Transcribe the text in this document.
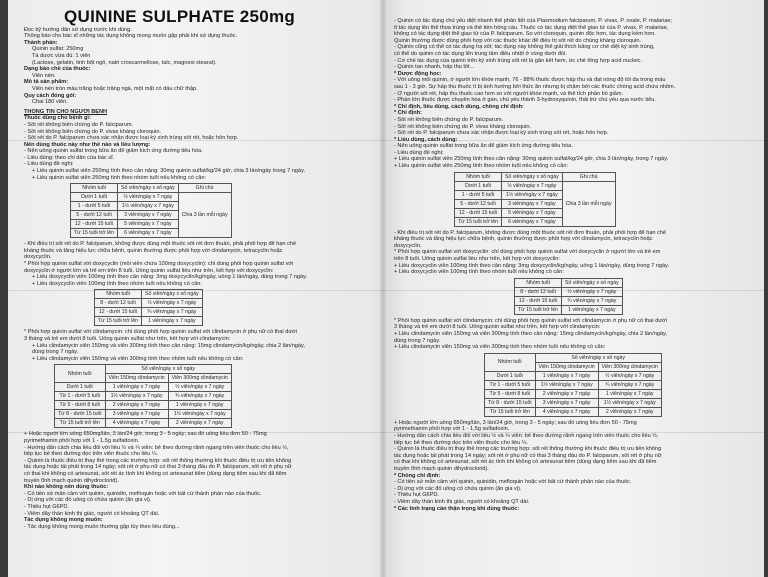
QUININE SULPHATE 250mg
Đọc kỹ hướng dẫn sử dụng trước khi dùng.
Thông báo cho bác sĩ những tác dụng không mong muốn gặp phải khi sử dụng thuốc.
Thành phần:
Quinin sulfat: 250mg
Tá dược vừa đủ: 1 viên
(Lactose, gelatin, tinh bột ngô, natri croscarmellose, talc, magnesi stearat).
Dạng bào chế của thuốc:
Viên nén.
Mô tả sản phẩm:
Viên nén tròn màu trắng hoặc trắng ngà, một mặt có dấu chữ thập.
Quy cách đóng gói:
Chai 180 viên.
THÔNG TIN CHO NGƯỜI BỆNH
Thuốc dùng cho bệnh gì:
- Sốt rét không biến chứng do P. falciparum.
- Sốt rét không biến chứng do P. vivax kháng cloroquin.
- Sốt rét do P. falciparum chưa xác nhận được loại ký sinh trùng sốt rét, hoặc hỗn hợp.
Nên dùng thuốc này như thế nào và liều lượng:
- Nên uống quinin sulfat trong bữa ăn để giảm kích ứng đường tiêu hóa.
- Liều dùng: theo chỉ dẫn của bác sĩ.
- Liều dùng đề nghị:
+ Liều quinin sulfat viên 250mg tính theo cân nặng: 30mg quinin sulfat/kg/24 giờ, chia 3 lần/ngày trong 7 ngày.
+ Liều quinin sulfat viên 250mg tính theo nhóm tuổi nếu không có cân:
Nhóm tuổi	Số viên/ngày x số ngày	Ghi chú
Dưới 1 tuổi	½ viên/ngày x 7 ngày	Chia 3 lần mỗi ngày
1 - dưới 5 tuổi	1½ viên/ngày x 7 ngày	
5 - dưới 12 tuổi	3 viên/ngày x 7 ngày	
12 - dưới 15 tuổi	5 viên/ngày x 7 ngày	
Từ 15 tuổi trở lên	6 viên/ngày x 7 ngày	
- Khi điều trị sốt rét do P. falciparum, không được dùng một thuốc sốt rét đơn thuần, phải phối hợp để hạn chế
kháng thuốc và tăng hiệu lực chữa bệnh, quinin thường được phối hợp với clindamycin, tetracyclin hoặc
doxycyclin.
* Phối hợp quinin sulfat với doxycyclin (mỗi viên chứa 100mg doxycyclin): chỉ dùng phối hợp quinin sulfat với
doxycyclin ở người lớn và trẻ em trên 8 tuổi. Uống quinin sulfat liều như trên, kết hợp với doxycyclin:
+ Liều doxycyclin viên 100mg tính theo cân nặng: 3mg doxycyclin/kg/ngày, uống 1 lần/ngày, dùng trong 7 ngày.
+ Liều doxycyclin viên 100mg tính theo nhóm tuổi nếu không có cân:
Nhóm tuổi	Số viên/ngày x số ngày
8 - dưới 12 tuổi	½ viên/ngày x 7 ngày
12 - dưới 15 tuổi	¾ viên/ngày x 7 ngày
Từ 15 tuổi trở lên	1 viên/ngày x 7 ngày
* Phối hợp quinin sulfat với clindamycin: chỉ dùng phối hợp quinin sulfat với clindamycin ở phụ nữ có thai dưới
3 tháng và trẻ em dưới 8 tuổi. Uống quinin sulfat như trên, kết hợp với clindamycin:
+ Liều clindamycin viên 150mg và viên 300mg tính theo cân nặng: 15mg clindamycin/kg/ngày, chia 2 lần/ngày,
dùng trong 7 ngày.
+ Liều clindamycin viên 150mg và viên 300mg tính theo nhóm tuổi nếu không có cân:
Nhóm tuổi	Số viên/ngày x số ngày	
	Viên 150mg clindamycin	Viên 300mg clindamycin
Dưới 1 tuổi	1 viên/ngày x 7 ngày	½ viên/ngày x 7 ngày
Từ 1 - dưới 5 tuổi	1½ viên/ngày x 7 ngày	¾ viên/ngày x 7 ngày
Từ 5 - dưới 8 tuổi	2 viên/ngày x 7 ngày	1 viên/ngày x 7 ngày
Từ 8 - dưới 15 tuổi	3 viên/ngày x 7 ngày	1½ viên/ngày x 7 ngày
Từ 15 tuổi trở lên	4 viên/ngày x 7 ngày	2 viên/ngày x 7 ngày
+ Hoặc người lớn uống 650mg/lần, 3 lần/24 giờ, trong 3 - 5 ngày; sau đó uống liều đơn 50 - 75mg
pyrimethamin phối hợp với 1 - 1,5g sulfadoxin.
- Hướng dẫn cách chia liều đối với liều ½ và ¼ viên: bẻ theo đường rãnh ngang trên viên thuốc cho liều ½,
tiếp tục bẻ theo đường dọc trên viên thuốc cho liều ¼.
- Quinin là thuốc điều trị thay thế trong các trường hợp: sốt rét thông thường khi thuốc điều trị ưu tiên không
tác dụng hoặc tái phát trong 14 ngày; sốt rét ở phụ nữ có thai 3 tháng đầu do P. falciparum, sốt rét ở phụ nữ
có thai khi không có artesunat, sốt rét ác tính khi không có artesunat tiêm (dùng dạng tiêm sau khi đã tiêm
truyền tĩnh mạch quinin dihydroclorid).
Khi nào không nên dùng thuốc:
- Có tiền sử mẫn cảm với quinin, quinidin, mefloquin hoặc với bất cứ thành phần nào của thuốc.
- Dị ứng với các đồ uống có chứa quinin (ăn gia vị).
- Thiếu hụt G6PD.
- Viêm dây thần kinh thị giác, người có khoảng QT dài.
Tác dụng không mong muốn:
- Tác dụng không mong muốn thường gặp tùy theo liều dùng...
- Quinin có tác dụng chủ yếu diệt nhanh thể phân liệt của Plasmodium falciparum, P. vivax, P. ovale, P. malariae;
ít tác dụng lên thể thoa trùng và thể tiền hồng cầu. Thuốc có tác dụng diệt thể giao tử của P. vivax, P. malariae,
không có tác dụng diệt thể giao tử của P. falciparum. So với cloroquin, quinin độc hơn, tác dụng kém hơn.
Quinin thường được dùng phối hợp với các thuốc khác để điều trị sốt rét do chủng kháng cloroquin.
- Quinin cũng có thể có tác dụng hạ sốt; tác dụng này không thể giải thích bằng cơ chế diệt ký sinh trùng,
có thể do quinin có tác dụng lên trung tâm điều nhiệt ở vùng dưới đồi.
- Cơ chế tác dụng của quinin trên ký sinh trùng sốt rét là gắn kết hem, ức chế tổng hợp acid nucleic.
- Quinin tan nhanh, hấp thu tốt...
* Dược động học:
- Với uống mỗi quinin, ở người lớn khỏe mạnh, 76 - 88% thuốc được hấp thu và đạt nồng độ tối đa trong máu
sau 1 - 3 giờ. Sự hấp thu thuốc ít bị ảnh hưởng bởi thức ăn nhưng bị chậm bởi các thuốc chống acid chứa nhôm.
- Ở người sốt rét, hấp thu thuốc cao hơn so với người khỏe mạnh, và thể tích phân bố giảm.
- Phần lớn thuốc được chuyển hóa ở gan, chủ yếu thành 3-hydroxyquinin, thải trừ chủ yếu qua nước tiểu.
* Chỉ định, liều dùng, cách dùng, chống chỉ định:
* Chỉ định:
- Sốt rét không biến chứng do P. falciparum.
- Sốt rét không biến chứng do P. vivax kháng cloroquin.
- Sốt rét do P. falciparum chưa xác nhận được loại ký sinh trùng sốt rét, hoặc hỗn hợp.
* Liều dùng, cách dùng:
- Nên uống quinin sulfat trong bữa ăn để giảm kích ứng đường tiêu hóa.
- Liều dùng đề nghị:
+ Liều quinin sulfat viên 250mg tính theo cân nặng: 30mg quinin sulfat/kg/24 giờ, chia 3 lần/ngày, trong 7 ngày.
+ Liều quinin sulfat viên 250mg tính theo nhóm tuổi nếu không có cân:
Nhóm tuổi	Số viên/ngày x số ngày	Ghi chú
Dưới 1 tuổi	½ viên/ngày x 7 ngày	Chia 3 lần mỗi ngày
1 - dưới 5 tuổi	1½ viên/ngày x 7 ngày	
5 - dưới 12 tuổi	3 viên/ngày x 7 ngày	
12 - dưới 15 tuổi	5 viên/ngày x 7 ngày	
Từ 15 tuổi trở lên	6 viên/ngày x 7 ngày	
- Khi điều trị sốt rét do P. falciparum, không được dùng một thuốc sốt rét đơn thuần, phải phối hợp để hạn chế
kháng thuốc và tăng hiệu lực chữa bệnh, quinin thường được phối hợp với clindamycin, tetracyclin hoặc
doxycyclin.
* Phối hợp quinin sulfat với doxycyclin: chỉ dùng phối hợp quinin sulfat với doxycyclin ở người lớn và trẻ em
trên 8 tuổi. Uống quinin sulfat liều như trên, kết hợp với doxycyclin:
+ Liều doxycyclin viên 100mg tính theo cân nặng: 3mg doxycyclin/kg/ngày, uống 1 lần/ngày, dùng trong 7 ngày.
+ Liều doxycyclin viên 100mg tính theo nhóm tuổi nếu không có cân:
Nhóm tuổi	Số viên/ngày x số ngày
8 - dưới 12 tuổi	½ viên/ngày x 7 ngày
12 - dưới 15 tuổi	¾ viên/ngày x 7 ngày
Từ 15 tuổi trở lên	1 viên/ngày x 7 ngày
* Phối hợp quinin sulfat với clindamycin: chỉ dùng phối hợp quinin sulfat với clindamycin ở phụ nữ có thai dưới
3 tháng và trẻ em dưới 8 tuổi. Uống quinin sulfat như trên, kết hợp với clindamycin:
+ Liều clindamycin viên 150mg và viên 300mg tính theo cân nặng: 15mg clindamycin/kg/ngày, chia 2 lần/ngày,
dùng trong 7 ngày.
+ Liều clindamycin viên 150mg và viên 300mg tính theo nhóm tuổi nếu không có cân:
Nhóm tuổi	Số viên/ngày x số ngày	
	Viên 150mg clindamycin	Viên 300mg clindamycin
Dưới 1 tuổi	1 viên/ngày x 7 ngày	½ viên/ngày x 7 ngày
Từ 1 - dưới 5 tuổi	1½ viên/ngày x 7 ngày	¾ viên/ngày x 7 ngày
Từ 5 - dưới 8 tuổi	2 viên/ngày x 7 ngày	1 viên/ngày x 7 ngày
Từ 8 - dưới 15 tuổi	3 viên/ngày x 7 ngày	1½ viên/ngày x 7 ngày
Từ 15 tuổi trở lên	4 viên/ngày x 7 ngày	2 viên/ngày x 7 ngày
+ Hoặc người lớn uống 650mg/lần, 3 lần/24 giờ, trong 3 - 5 ngày; sau đó uống liều đơn 50 - 75mg
pyrimethamin phối hợp với 1 - 1,5g sulfadoxin.
- Hướng dẫn cách chia liều đối với liều ½ và ¼ viên: bẻ theo đường rãnh ngang trên viên thuốc cho liều ½,
tiếp tục bẻ theo đường dọc trên viên thuốc cho liều ¼.
- Quinin là thuốc điều trị thay thế trong các trường hợp: sốt rét thông thường khi thuốc điều trị ưu tiên không
tác dụng hoặc tái phát trong 14 ngày; sốt rét ở phụ nữ có thai 3 tháng đầu do P. falciparum, sốt rét ở phụ nữ
có thai khi không có artesunat, sốt rét ác tính khi không có artesunat tiêm (dùng dạng tiêm sau khi đã tiêm
truyền tĩnh mạch quinin dihydroclorid).
* Chống chỉ định:
- Có tiền sử mẫn cảm với quinin, quinidin, mefloquin hoặc với bất cứ thành phần nào của thuốc.
- Dị ứng với các đồ uống có chứa quinin (ăn gia vị).
- Thiếu hụt G6PD.
- Viêm dây thần kinh thị giác, người có khoảng QT dài.
* Các tình trạng cần thận trọng khi dùng thuốc:
